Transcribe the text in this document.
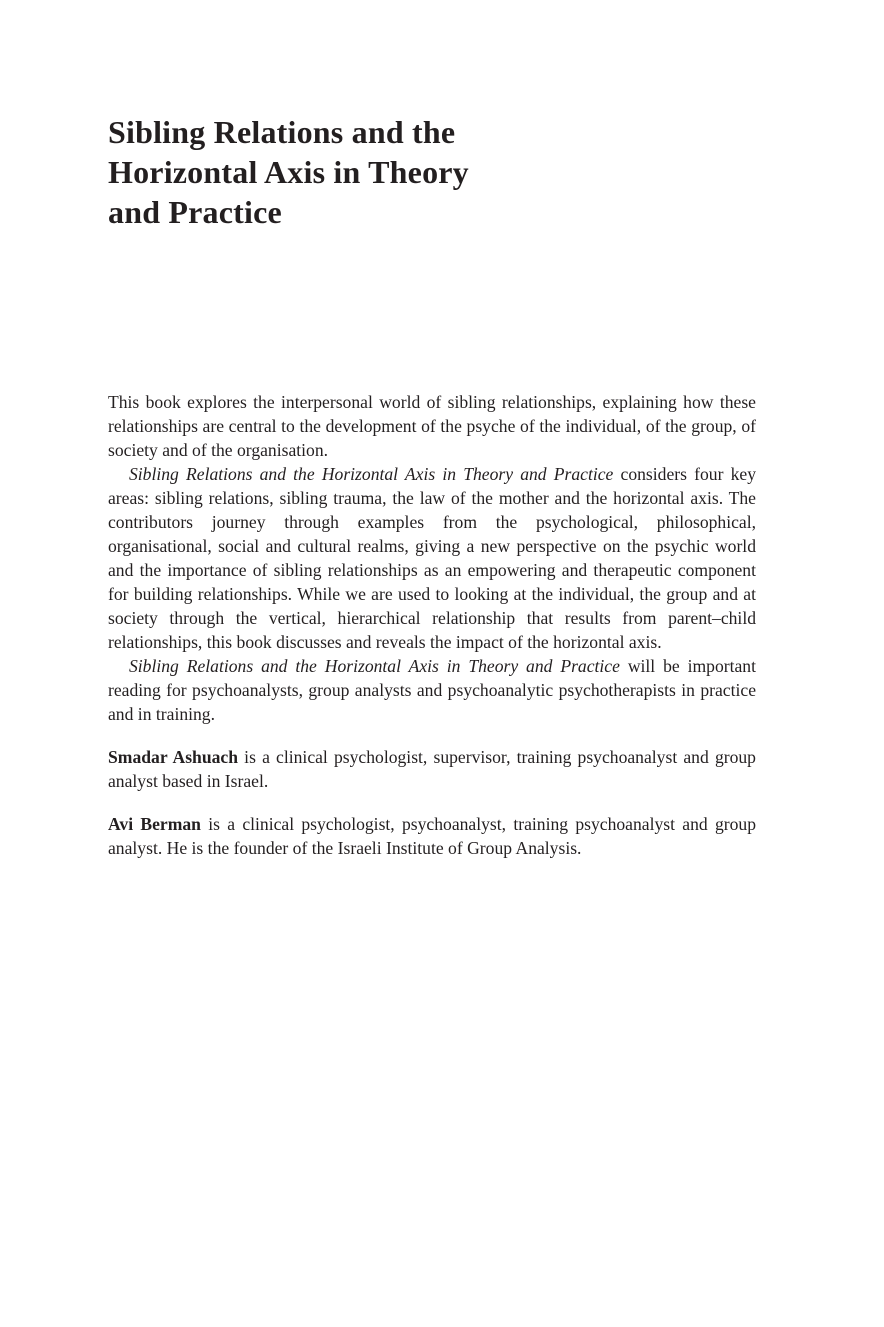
Sibling Relations and the
Horizontal Axis in Theory
and Practice

This book explores the interpersonal world of sibling relationships, explaining how these relationships are central to the development of the psyche of the individual, of the group, of society and of the organisation.

Sibling Relations and the Horizontal Axis in Theory and Practice considers four key areas: sibling relations, sibling trauma, the law of the mother and the horizontal axis. The contributors journey through examples from the psychological, philosophical, organisational, social and cultural realms, giving a new perspective on the psychic world and the importance of sibling relationships as an empowering and therapeutic component for building relationships. While we are used to looking at the individual, the group and at society through the vertical, hierarchical relationship that results from parent–child relationships, this book discusses and reveals the impact of the horizontal axis.

Sibling Relations and the Horizontal Axis in Theory and Practice will be important reading for psychoanalysts, group analysts and psychoanalytic psychotherapists in practice and in training.

Smadar Ashuach is a clinical psychologist, supervisor, training psychoanalyst and group analyst based in Israel.

Avi Berman is a clinical psychologist, psychoanalyst, training psychoanalyst and group analyst. He is the founder of the Israeli Institute of Group Analysis.
